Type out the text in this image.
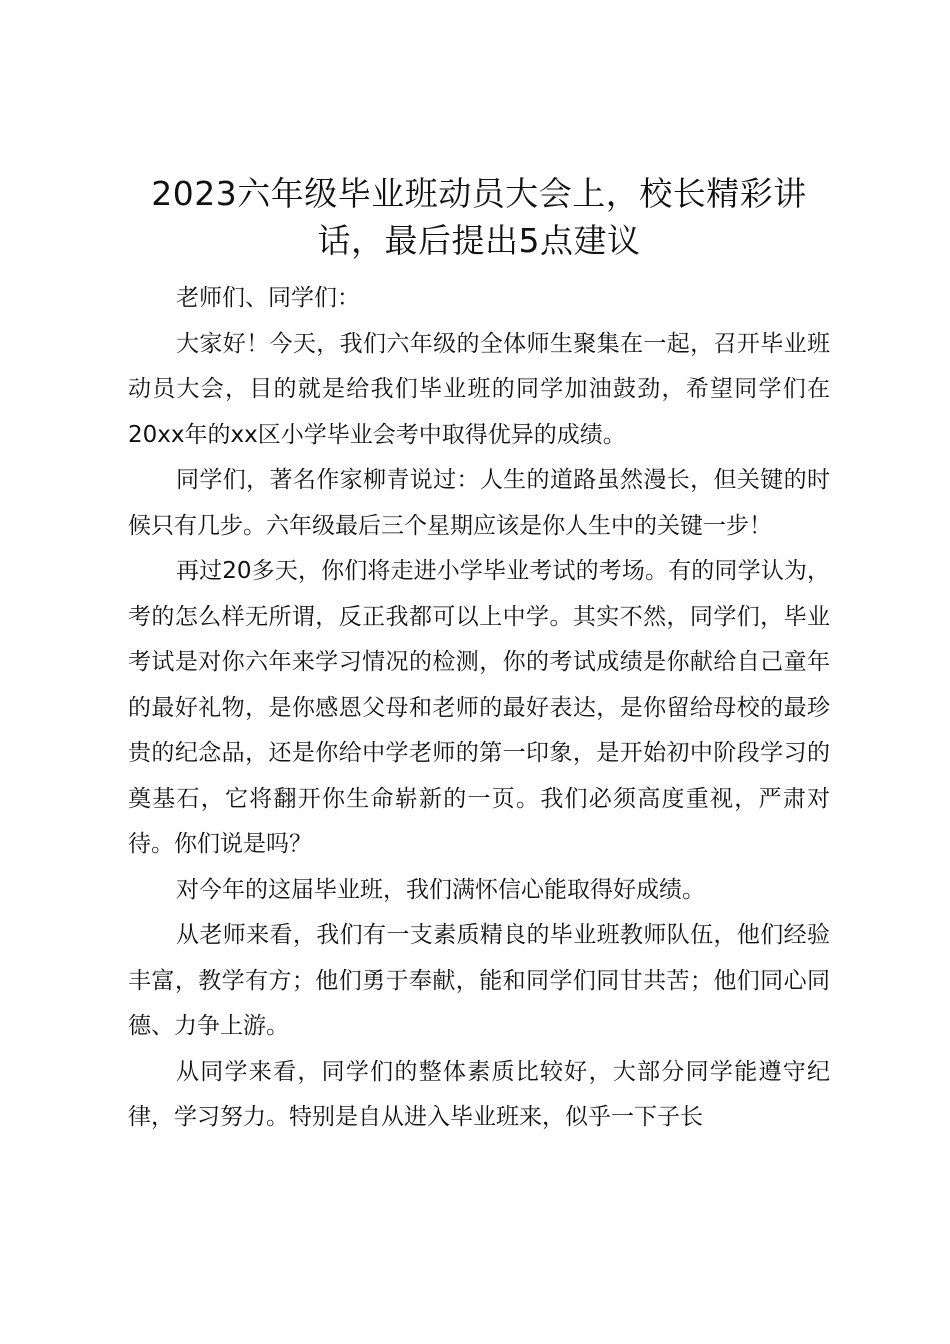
2023六年级毕业班动员大会上，校长精彩讲话，最后提出5点建议

老师们、同学们：

大家好！今天，我们六年级的全体师生聚集在一起，召开毕业班动员大会，目的就是给我们毕业班的同学加油鼓劲，希望同学们在20xx年的xx区小学毕业会考中取得优异的成绩。

同学们，著名作家柳青说过：人生的道路虽然漫长，但关键的时候只有几步。六年级最后三个星期应该是你人生中的关键一步！

再过20多天，你们将走进小学毕业考试的考场。有的同学认为，考的怎么样无所谓，反正我都可以上中学。其实不然，同学们，毕业考试是对你六年来学习情况的检测，你的考试成绩是你献给自己童年的最好礼物，是你感恩父母和老师的最好表达，是你留给母校的最珍贵的纪念品，还是你给中学老师的第一印象，是开始初中阶段学习的奠基石，它将翻开你生命崭新的一页。我们必须高度重视，严肃对待。你们说是吗？

对今年的这届毕业班，我们满怀信心能取得好成绩。

从老师来看，我们有一支素质精良的毕业班教师队伍，他们经验丰富，教学有方；他们勇于奉献，能和同学们同甘共苦；他们同心同德、力争上游。

从同学来看，同学们的整体素质比较好，大部分同学能遵守纪律，学习努力。特别是自从进入毕业班来，似乎一下子长
